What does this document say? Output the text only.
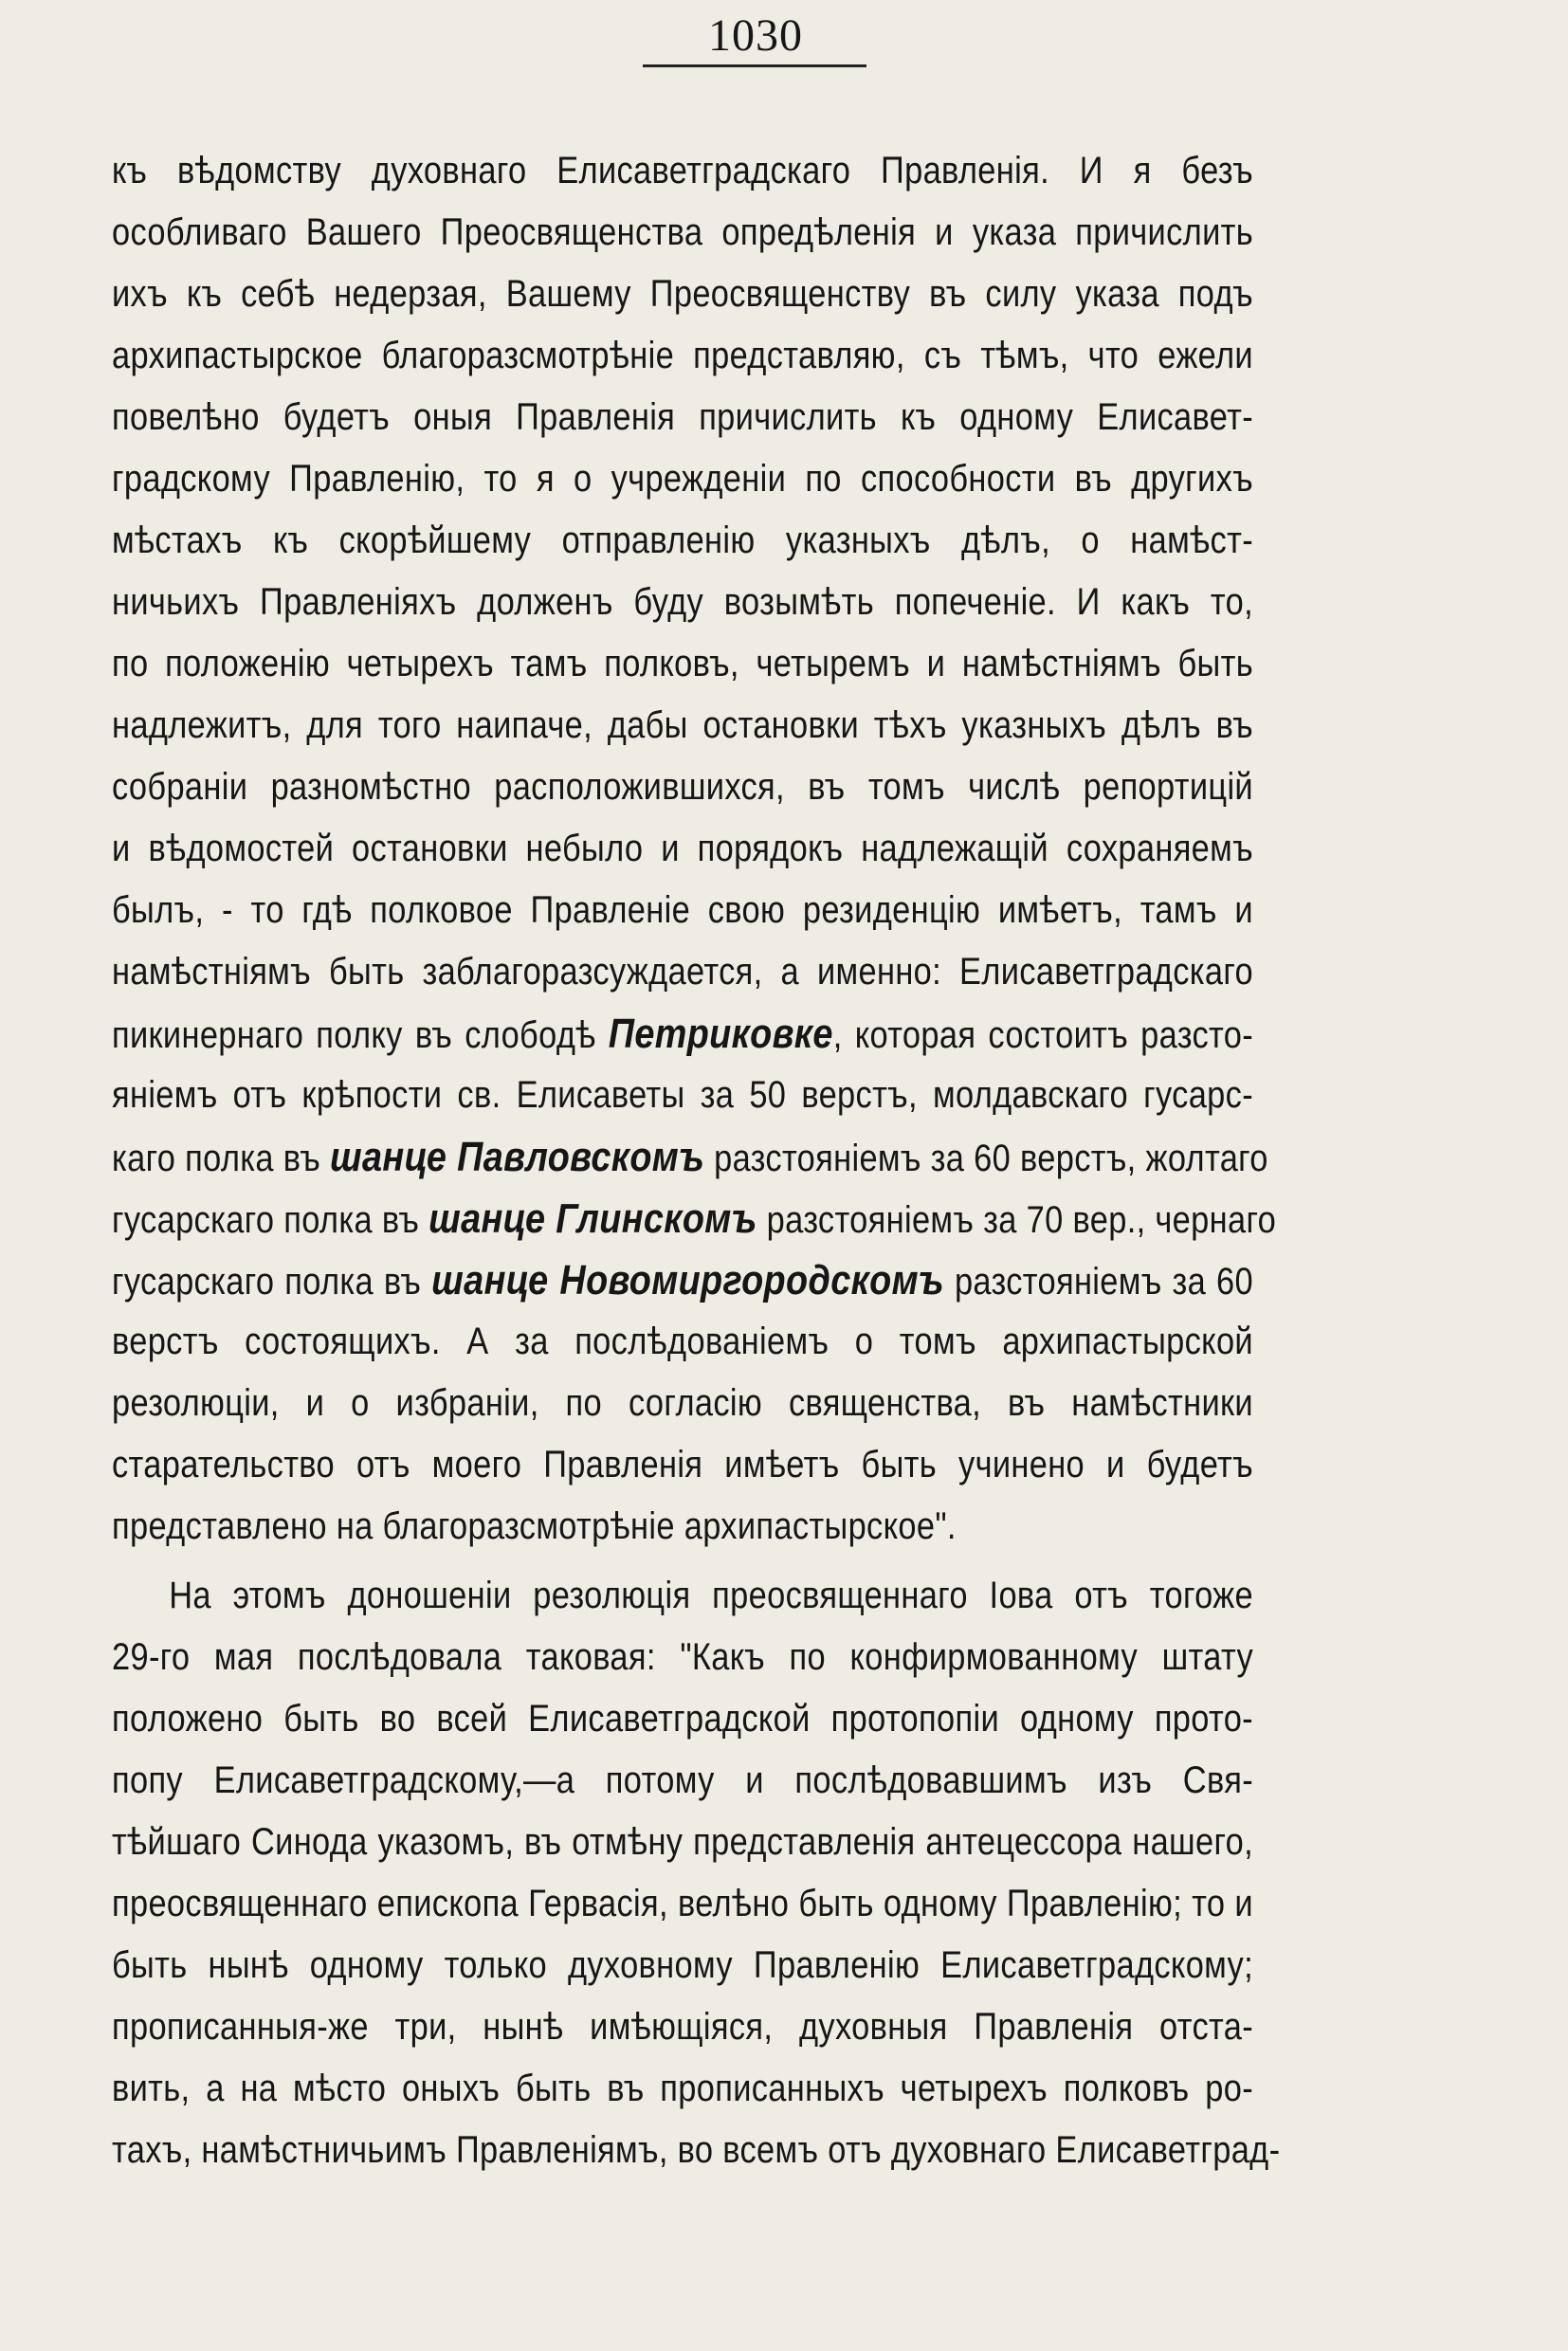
1030
къ вѣдомству духовнаго Елисаветградскаго Правленія. И я безъ
особливаго Вашего Преосвященства опредѣленія и указа причислить
ихъ къ себѣ недерзая, Вашему Преосвященству въ силу указа подъ
архипастырское благоразсмотрѣніе представляю, съ тѣмъ, что ежели
повелѣно будетъ оныя Правленія причислить къ одному Елисавет-
градскому Правленію, то я о учрежденіи по способности въ другихъ
мѣстахъ къ скорѣйшему отправленію указныхъ дѣлъ, о намѣст-
ничьихъ Правленіяхъ долженъ буду возымѣть попеченіе. И какъ то,
по положенію четырехъ тамъ полковъ, четыремъ и намѣстніямъ быть
надлежитъ, для того наипаче, дабы остановки тѣхъ указныхъ дѣлъ въ
собраніи разномѣстно расположившихся, въ томъ числѣ репортицій
и вѣдомостей остановки небыло и порядокъ надлежащій сохраняемъ
былъ, - то гдѣ полковое Правленіе свою резиденцію имѣетъ, тамъ и
намѣстніямъ быть заблагоразсуждается, а именно: Елисаветградскаго
пикинернаго полку въ слободѣ Петриковке, которая состоитъ разсто-
яніемъ отъ крѣпости св. Елисаветы за 50 верстъ, молдавскаго гусарс-
каго полка въ шанце Павловскомъ разстояніемъ за 60 верстъ, жолтаго
гусарскаго полка въ шанце Глинскомъ разстояніемъ за 70 вер., чернаго
гусарскаго полка въ шанце Новомиргородскомъ разстояніемъ за 60
верстъ состоящихъ. А за послѣдованіемъ о томъ архипастырской
резолюціи, и о избраніи, по согласію священства, въ намѣстники
старательство отъ моего Правленія имѣетъ быть учинено и будетъ
представлено на благоразсмотрѣніе архипастырское".
На этомъ доношеніи резолюція преосвященнаго Іова отъ тогоже
29-го мая послѣдовала таковая: "Какъ по конфирмованному штату
положено быть во всей Елисаветградской протопопіи одному прото-
попу Елисаветградскому,—а потому и послѣдовавшимъ изъ Свя-
тѣйшаго Синода указомъ, въ отмѣну представленія антецессора нашего,
преосвященнаго епископа Гервасія, велѣно быть одному Правленію; то и
быть нынѣ одному только духовному Правленію Елисаветградскому;
прописанныя-же три, нынѣ имѣющіяся, духовныя Правленія отста-
вить, а на мѣсто оныхъ быть въ прописанныхъ четырехъ полковъ ро-
тахъ, намѣстничьимъ Правленіямъ, во всемъ отъ духовнаго Елисаветград-
